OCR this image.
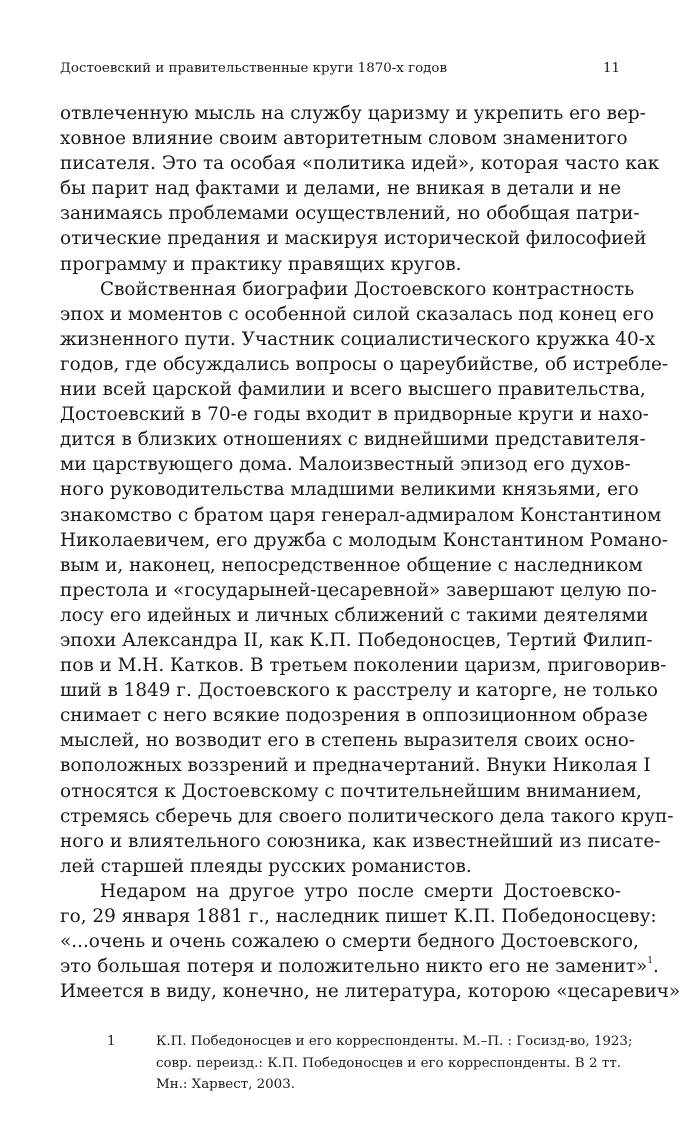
Достоевский и правительственные круги 1870-х годов	11
отвлеченную мысль на службу царизму и укрепить его вер-
ховное влияние своим авторитетным словом знаменитого
писателя. Это та особая «политика идей», которая часто как
бы парит над фактами и делами, не вникая в детали и не
занимаясь проблемами осуществлений, но обобщая патри-
отические предания и маскируя исторической философией
программу и практику правящих кругов.
Свойственная биографии Достоевского контрастность
эпох и моментов с особенной силой сказалась под конец его
жизненного пути. Участник социалистического кружка 40-х
годов, где обсуждались вопросы о цареубийстве, об истребле-
нии всей царской фамилии и всего высшего правительства,
Достоевский в 70-е годы входит в придворные круги и нахо-
дится в близких отношениях с виднейшими представителя-
ми царствующего дома. Малоизвестный эпизод его духов-
ного руководительства младшими великими князьями, его
знакомство с братом царя генерал-адмиралом Константином
Николаевичем, его дружба с молодым Константином Романо-
вым и, наконец, непосредственное общение с наследником
престола и «государыней-цесаревной» завершают целую по-
лосу его идейных и личных сближений с такими деятелями
эпохи Александра II, как К.П. Победоносцев, Тертий Филип-
пов и М.Н. Катков. В третьем поколении царизм, приговорив-
ший в 1849 г. Достоевского к расстрелу и каторге, не только
снимает с него всякие подозрения в оппозиционном образе
мыслей, но возводит его в степень выразителя своих осно-
воположных воззрений и предначертаний. Внуки Николая I
относятся к Достоевскому с почтительнейшим вниманием,
стремясь сберечь для своего политического дела такого круп-
ного и влиятельного союзника, как известнейший из писате-
лей старшей плеяды русских романистов.
Недаром на другое утро после смерти Достоевско-
го, 29 января 1881 г., наследник пишет К.П. Победоносцеву:
«...очень и очень сожалею о смерти бедного Достоевского,
это большая потеря и положительно никто его не заменит»$^1$.
Имеется в виду, конечно, не литература, которою «цесаревич»
1	К.П. Победоносцев и его корреспонденты. М.–П. : Госизд-во, 1923;
совр. переизд.: К.П. Победоносцев и его корреспонденты. В 2 тт.
Мн.: Харвест, 2003.
